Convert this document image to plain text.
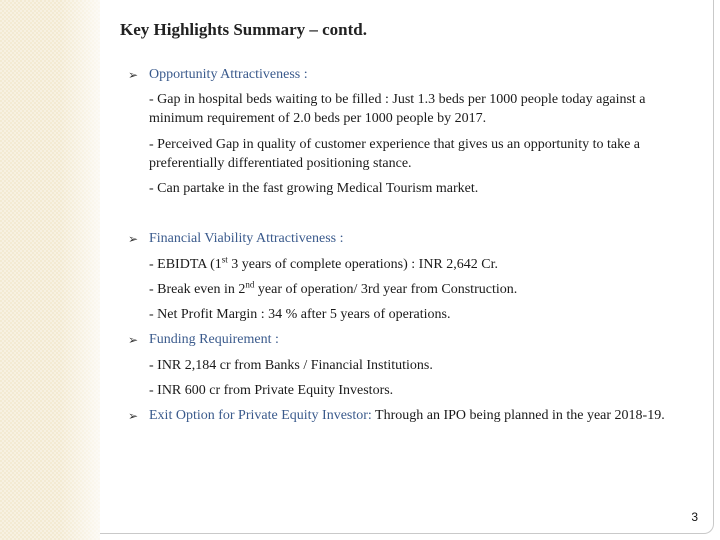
Key Highlights Summary – contd.
➢ Opportunity Attractiveness :
- Gap in hospital beds waiting to be filled : Just 1.3 beds per 1000 people today against a minimum requirement of 2.0 beds per 1000 people by 2017.
- Perceived Gap in quality of customer experience that gives us an opportunity to take a preferentially differentiated positioning stance.
- Can partake in the fast growing Medical Tourism market.
➢ Financial Viability Attractiveness :
- EBIDTA (1st 3 years of complete operations) : INR 2,642 Cr.
- Break even in 2nd year of operation/ 3rd year from Construction.
- Net Profit Margin : 34 % after 5 years of operations.
➢ Funding Requirement :
- INR 2,184 cr from Banks / Financial Institutions.
- INR 600 cr from Private Equity Investors.
➢ Exit Option for Private Equity Investor: Through an IPO being planned in the year 2018-19.
3
